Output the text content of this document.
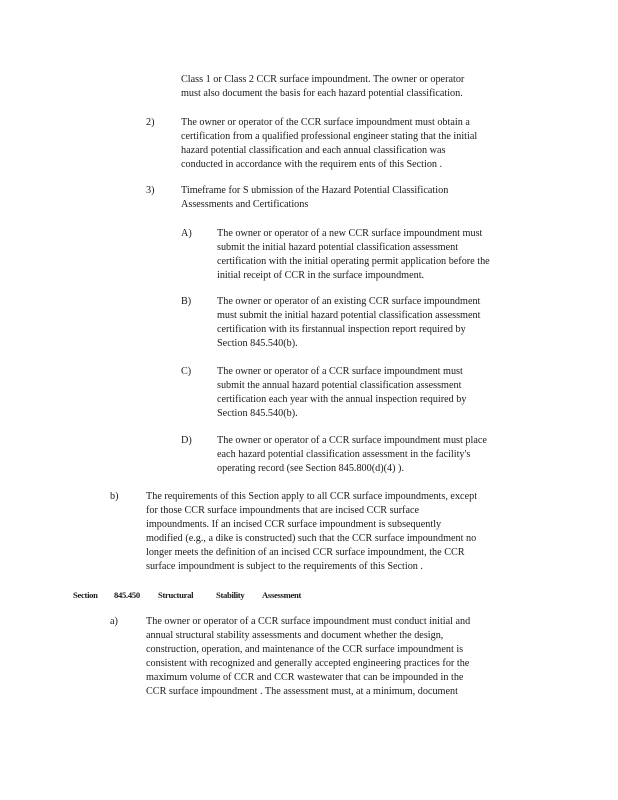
Class 1 or Class 2 CCR surface impoundment. The owner or operator
must also document the basis for each hazard potential classification.
2)	The owner or operator of the CCR surface impoundment must obtain a
certification from a qualified professional engineer stating that the initial
hazard potential classification and each annual classification was
conducted in accordance with the requirem ents of this Section .
3)	Timeframe for S ubmission of the Hazard Potential Classification
Assessments and Certifications
A) The owner or operator of a new CCR surface impoundment must
submit the initial hazard potential classification assessment
certification with the initial operating permit application before the
initial receipt of CCR in the surface impoundment.
B)	The owner or operator of an existing CCR surface impoundment
must submit the initial hazard potential classification assessment
certification with its firstannual inspection report required by
Section 845.540(b).
C)	The owner or operator of a CCR surface impoundment must
submit the annual hazard potential classification assessment
certification each year with the annual inspection required by
Section 845.540(b).
D) The owner or operator of a CCR surface impoundment must place
each hazard potential classification assessment in the facility's
operating record (see Section 845.800(d)(4) ).
b)	The requirements of this Section apply to all CCR surface impoundments, except
for those CCR surface impoundments that are incised CCR surface
impoundments. If an incised CCR surface impoundment is subsequently
modified (e.g., a dike is constructed) such that the CCR surface impoundment no
longer meets the definition of an incised CCR surface impoundment, the CCR
surface impoundment is subject to the requirements of this Section .
Section 845.450 Structural	Stability Assessment
a)	The owner or operator of a CCR surface impoundment must conduct initial and
annual structural stability assessments and document whether the design,
construction, operation, and maintenance of the CCR surface impoundment is
consistent with recognized and generally accepted engineering practices for the
maximum volume of CCR and CCR wastewater that can be impounded in the
CCR surface impoundment . The assessment must, at a minimum, document
